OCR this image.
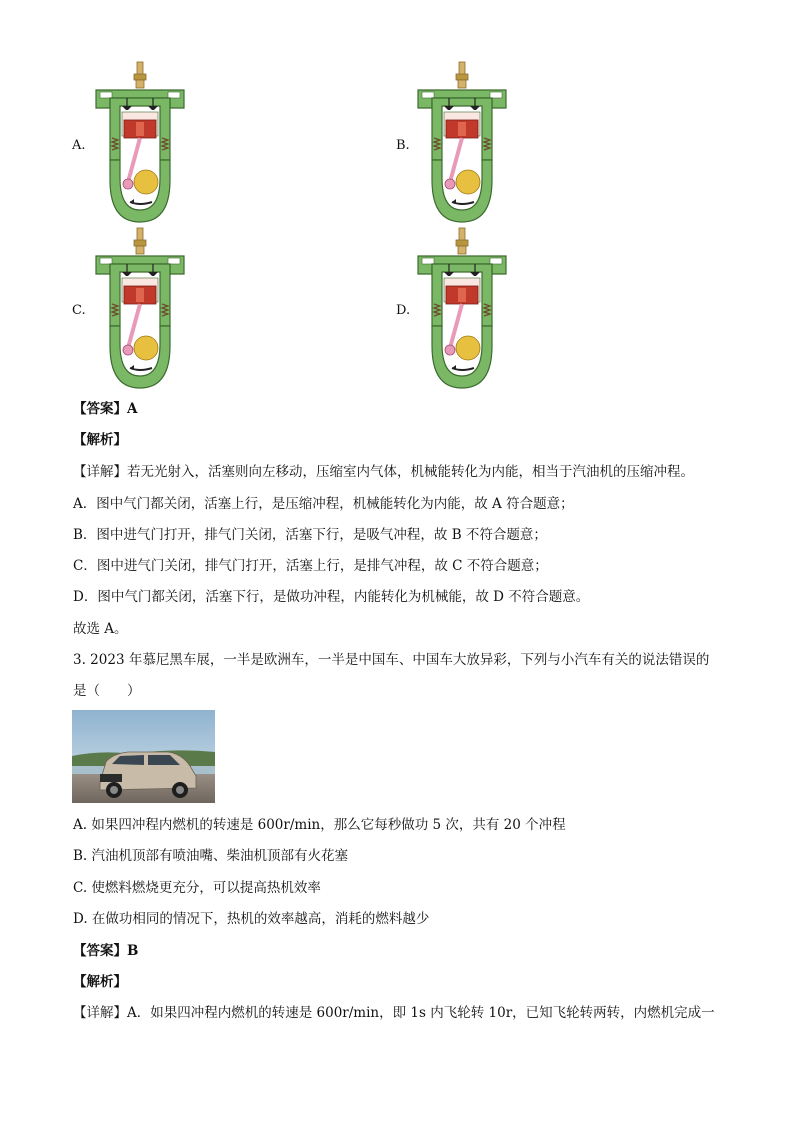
A.	B.
C.	D.
【答案】A
【解析】
【详解】若无光射入，活塞则向左移动，压缩室内气体，机械能转化为内能，相当于汽油机的压缩冲程。
A．图中气门都关闭，活塞上行，是压缩冲程，机械能转化为内能，故 A 符合题意；
B．图中进气门打开，排气门关闭，活塞下行，是吸气冲程，故 B 不符合题意；
C．图中进气门关闭，排气门打开，活塞上行，是排气冲程，故 C 不符合题意；
D．图中气门都关闭，活塞下行，是做功冲程，内能转化为机械能，故 D 不符合题意。
故选 A。
3. 2023 年慕尼黑车展，一半是欧洲车，一半是中国车、中国车大放异彩，下列与小汽车有关的说法错误的
是（　　）
A. 如果四冲程内燃机的转速是 600r/min，那么它每秒做功 5 次，共有 20 个冲程
B. 汽油机顶部有喷油嘴、柴油机顶部有火花塞
C. 使燃料燃烧更充分，可以提高热机效率
D. 在做功相同的情况下，热机的效率越高，消耗的燃料越少
【答案】B
【解析】
【详解】A．如果四冲程内燃机的转速是 600r/min，即 1s 内飞轮转 10r，已知飞轮转两转，内燃机完成一
